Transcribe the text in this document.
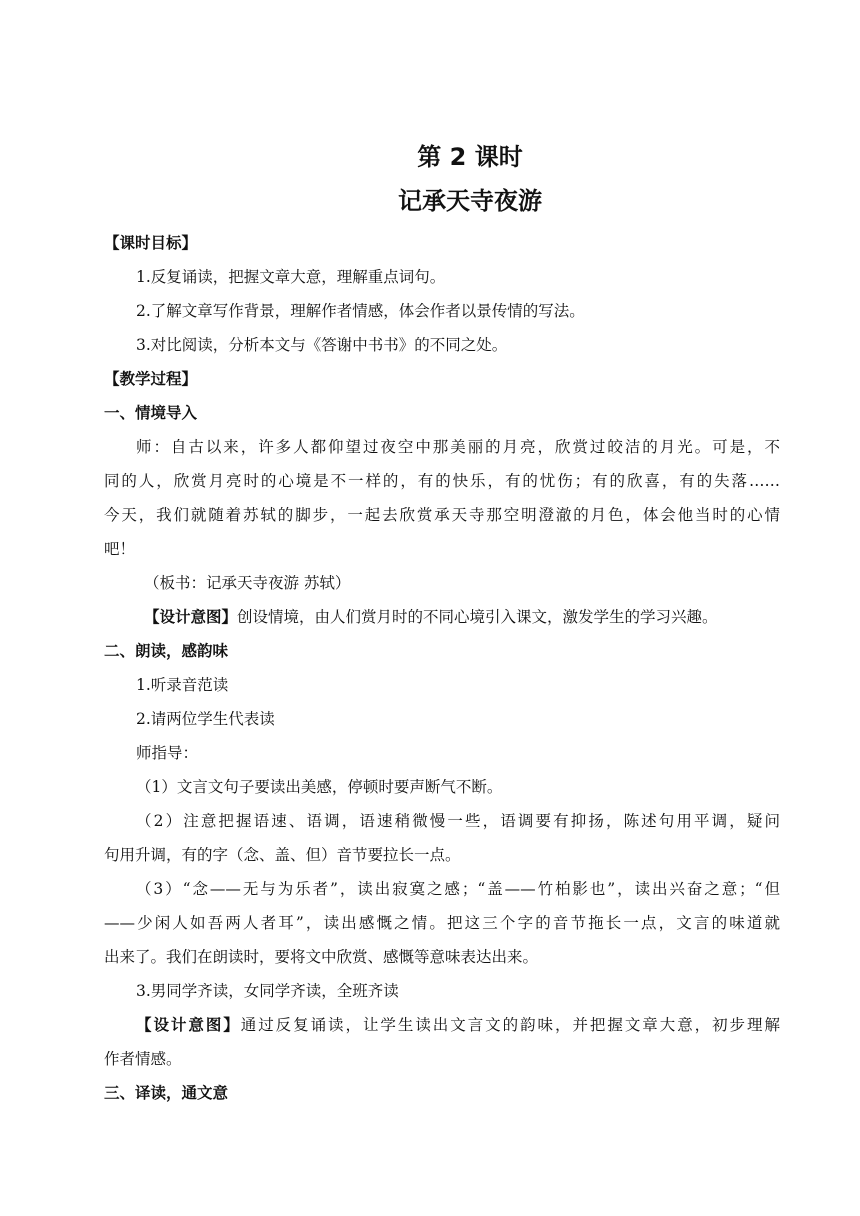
第 2 课时
记承天寺夜游
【课时目标】
1.反复诵读，把握文章大意，理解重点词句。
2.了解文章写作背景，理解作者情感，体会作者以景传情的写法。
3.对比阅读，分析本文与《答谢中书书》的不同之处。
【教学过程】
一、情境导入
师：自古以来，许多人都仰望过夜空中那美丽的月亮，欣赏过皎洁的月光。可是，不
同的人，欣赏月亮时的心境是不一样的，有的快乐，有的忧伤；有的欣喜，有的失落……
今天，我们就随着苏轼的脚步，一起去欣赏承天寺那空明澄澈的月色，体会他当时的心情
吧！
（板书：记承天寺夜游 苏轼）
【设计意图】创设情境，由人们赏月时的不同心境引入课文，激发学生的学习兴趣。
二、朗读，感韵味
1.听录音范读
2.请两位学生代表读
师指导：
（1）文言文句子要读出美感，停顿时要声断气不断。
（2）注意把握语速、语调，语速稍微慢一些，语调要有抑扬，陈述句用平调，疑问
句用升调，有的字（念、盖、但）音节要拉长一点。
（3）“念——无与为乐者”，读出寂寞之感；“盖——竹柏影也”，读出兴奋之意；“但
——少闲人如吾两人者耳”，读出感慨之情。把这三个字的音节拖长一点，文言的味道就
出来了。我们在朗读时，要将文中欣赏、感慨等意味表达出来。
3.男同学齐读，女同学齐读，全班齐读
【设计意图】通过反复诵读，让学生读出文言文的韵味，并把握文章大意，初步理解
作者情感。
三、译读，通文意
